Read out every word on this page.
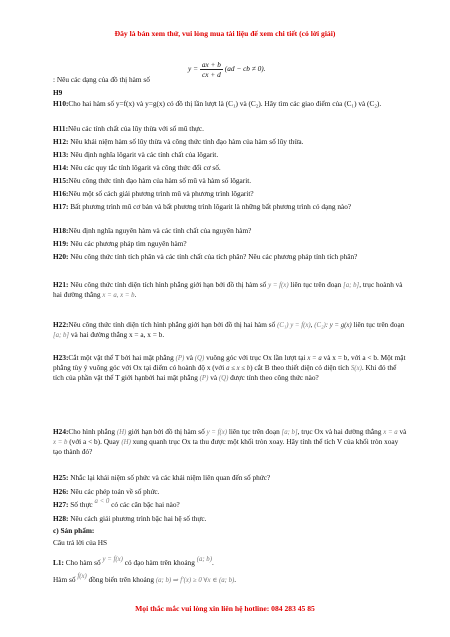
Đây là bản xem thử, vui lòng mua tài liệu để xem chi tiết (có lời giải)
$y = \frac{ax + b}{cx + d} (ad$ − cb ≠ 0).
: Nêu các dạng của đồ thị hàm số
H9
H10:Cho hai hàm số y=f(x) và y=g(x) có đồ thị lần lượt là (C₁) và (C₂). Hãy tìm các giao điểm của (C₁) và (C₂).
H11:Nêu các tính chất của lũy thừa với số mũ thực.
H12: Nêu khái niệm hàm số lũy thừa và công thức tính đạo hàm của hàm số lũy thừa.
H13: Nêu định nghĩa lôgarit và các tính chất của lôgarit.
H14: Nêu các quy tắc tính lôgarit và công thức đổi cơ số.
H15:Nêu công thức tính đạo hàm của hàm số mũ và hàm số lôgarit.
H16:Nêu một số cách giải phương trình mũ và phương trình lôgarit?
H17: Bất phương trình mũ cơ bản và bất phương trình lôgarit là những bất phương trình có dạng nào?
H18:Nêu định nghĩa nguyên hàm và các tính chất của nguyên hàm?
H19: Nêu các phương pháp tìm nguyên hàm?
H20: Nêu công thức tính tích phân và các tính chất của tích phân? Nêu các phương pháp tính tích phân?
H21: Nêu công thức tính diện tích hình phẳng giới hạn bởi đồ thị hàm số y = f(x) liên tục trên đoạn [a; b], trục hoành và hai đường thẳng x = a, x = b.
H22:Nêu công thức tính diện tích hình phẳng giới hạn bởi đồ thị hai hàm số (C₁) y = f(x), (C₂): y = g(x) liên tục trên đoạn [a; b] và hai đường thẳng x = a, x = b.
H23:Cắt một vật thể T bởi hai mặt phẳng (P) và (Q) vuông góc với trục Ox lần lượt tại x = a và x = b, với a < b. Một mặt phẳng tùy ý vuông góc với Ox tại điểm có hoành độ x (với a ≤ x ≤ b) cắt B theo thiết diện có diện tích S(x). Khi đó thể tích của phần vật thể T giới hạnbởi hai mặt phẳng (P) và (Q) được tính theo công thức nào?
H24:Cho hình phẳng (H) giới hạn bởi đồ thị hàm số y = f(x) liên tục trên đoạn [a; b], trục Ox và hai đường thẳng x = a và x = b (với a < b). Quay (H) xung quanh trục Ox ta thu được một khối tròn xoay. Hãy tính thể tích V của khối tròn xoay tạo thành đó?
H25: Nhắc lại khái niệm số phức và các khái niệm liên quan đến số phức?
H26: Nêu các phép toán về số phức.
H27: Số thực a < 0 có các căn bậc hai nào?
H28: Nêu cách giải phương trình bậc hai hệ số thực.
c) Sản phẩm:
Câu trả lời của HS
L1: Cho hàm số y = f(x) có đạo hàm trên khoảng (a; b).
Hàm số f(x) đồng biến trên khoảng (a; b) ⇒ f′(x) ≥ 0 ∀x ∈ (a; b).
Mọi thắc mắc vui lòng xin liên hệ hotline: 084 283 45 85
